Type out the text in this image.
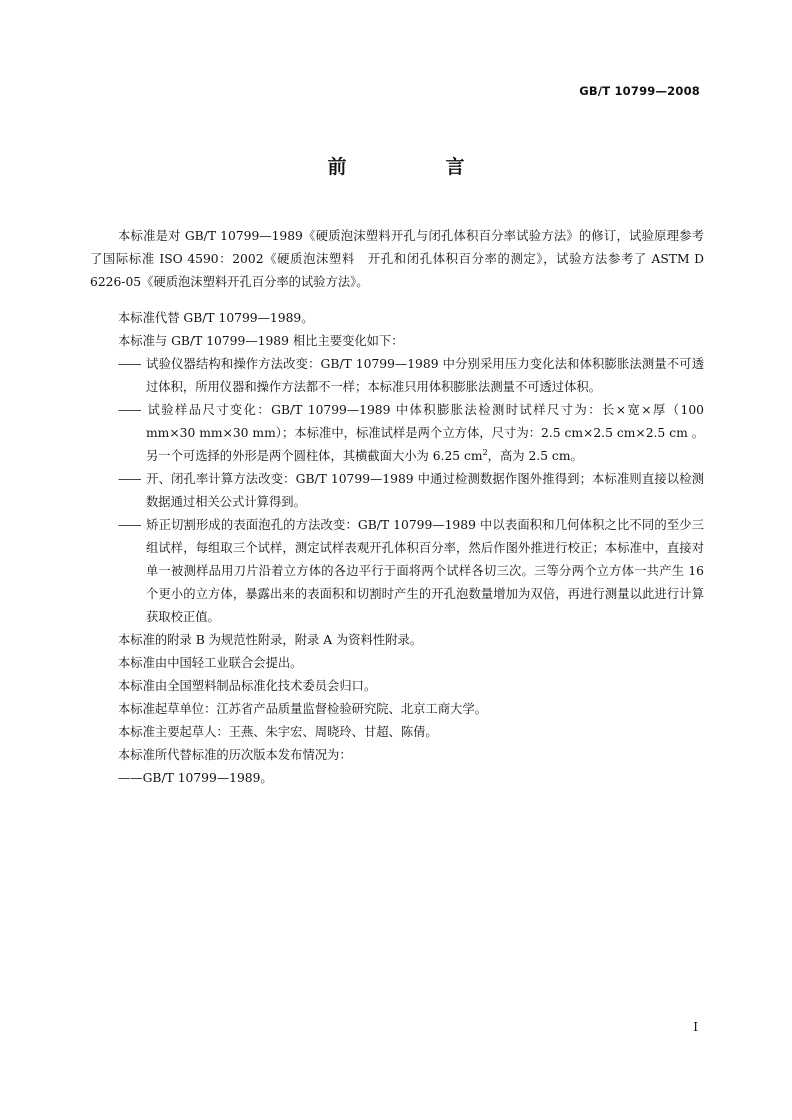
GB/T 10799—2008
前　言

本标准是对 GB/T 10799—1989《硬质泡沫塑料开孔与闭孔体积百分率试验方法》的修订，试验原理参考了国际标准 ISO 4590：2002《硬质泡沫塑料　开孔和闭孔体积百分率的测定》，试验方法参考了 ASTM D 6226-05《硬质泡沫塑料开孔百分率的试验方法》。

本标准代替 GB/T 10799—1989。

本标准与 GB/T 10799—1989 相比主要变化如下：

—— 试验仪器结构和操作方法改变：GB/T 10799—1989 中分别采用压力变化法和体积膨胀法测量不可透过体积，所用仪器和操作方法都不一样；本标准只用体积膨胀法测量不可透过体积。

—— 试验样品尺寸变化：GB/T 10799—1989 中体积膨胀法检测时试样尺寸为：长×宽×厚（100 mm×30 mm×30 mm）；本标准中，标准试样是两个立方体，尺寸为：2.5 cm×2.5 cm×2.5 cm 。另一个可选择的外形是两个圆柱体，其横截面大小为 6.25 $cm^2$，高为 2.5 cm。

—— 开、闭孔率计算方法改变：GB/T 10799—1989 中通过检测数据作图外推得到；本标准则直接以检测数据通过相关公式计算得到。

—— 矫正切割形成的表面泡孔的方法改变：GB/T 10799—1989 中以表面积和几何体积之比不同的至少三组试样，每组取三个试样，测定试样表观开孔体积百分率，然后作图外推进行校正；本标准中，直接对单一被测样品用刀片沿着立方体的各边平行于面将两个试样各切三次。三等分两个立方体一共产生 16 个更小的立方体，暴露出来的表面积和切割时产生的开孔泡数量增加为双倍，再进行测量以此进行计算获取校正值。

本标准的附录 B 为规范性附录，附录 A 为资料性附录。

本标准由中国轻工业联合会提出。

本标准由全国塑料制品标准化技术委员会归口。

本标准起草单位：江苏省产品质量监督检验研究院、北京工商大学。

本标准主要起草人：王燕、朱宇宏、周晓玲、甘超、陈倩。

本标准所代替标准的历次版本发布情况为：

——GB/T 10799—1989。

I
